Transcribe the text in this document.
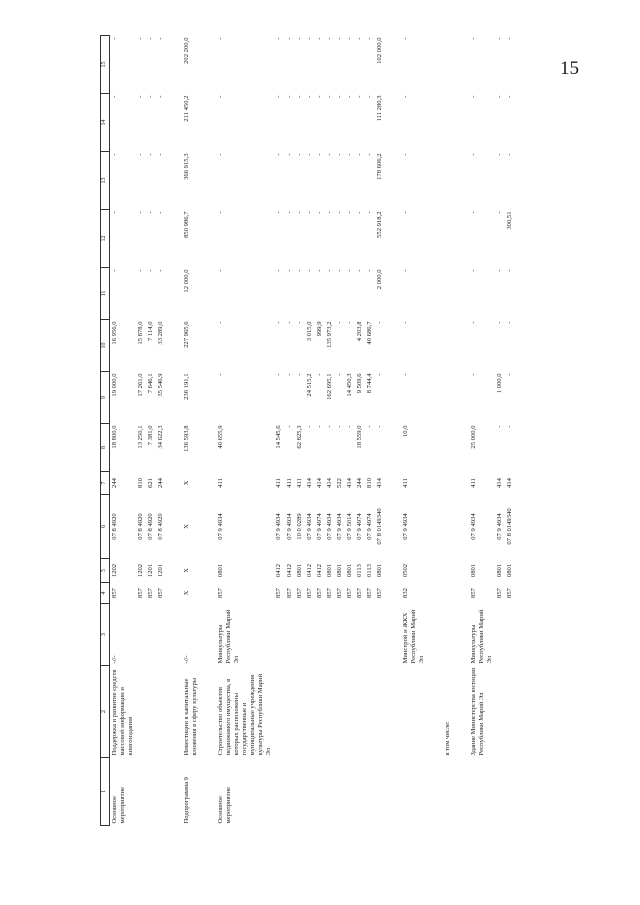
15
1	2	3	4	5	6	7	8	9	10	11	12	13	14	15
Основное мероприятие	Поддержка и развитие средств массовой информации и книгоиздания	-//-	857	1202	07 8 4920	244	18 800,0	19 000,0	16 956,0	-	-	-	-	-
			857	1202	07 8 4920	810	13 250,1	17 261,0	15 878,0	-	-	-	-	-
			857	1201	07 8 4920	621	7 381,0	7 646,1	7 114,0	-	-	-	-	-
			857	1201	07 8 4920	244	34 622,3	35 546,9	33 289,0	-	-	-	-	-

Подпрограмма 9	Инвестиции в капитальные вложения в сферу культуры	-//-	X	X	X	X	136 593,8	236 191,1	227 965,6	12 000,0	850 986,7	366 915,3	211 450,2	202 200,0

Основное мероприятие	Строительство объектов недвижимого имущества, в которых расположены государственные и муниципальные учреждения культуры Республики Марий Эл	Минкультуры Республики Марий Эл	857	0801	07 9 4934	411	40 655,9	-	-	-	-	-	-	-
			857	0412	07 9 4934	411	14 545,6	-	-	-	-	-	-	-
			857	0412	07 9 4934	411	-	-	-	-	-	-	-	-
			857	0801	10 0 0289	411	62 825,3	-	-	-	-	-	-	-
			857	0412	07 9 4934	414	-	24 515,2	3 015,0	-	-	-	-	-
			857	0412	07 9 4974	414	-	-	999,9	-	-	-	-	-
			857	0801	07 9 4934	414	-	162 695,1	135 973,2	-	-	-	-	-
			857	0801	07 9 4934	522	-	-	-	-	-	-	-	-
			857	0801	07 9 5014	414	-	14 450,3	-	-	-	-	-	-
			857	0113	07 9 4974	244	18 559,0	9 509,6	4 203,8	-	-	-	-	-
			857	0113	07 9 4974	810	-	8 744,4	40 686,7	-	-	-	-	-
			857	0801	07 8 0149340	414	-	-	-	2 000,0	552 918,2	178 606,2	111 280,3	102 000,0

		Минстрой и ЖКХ Республики Марий Эл	832	0502	07 9 4934	411	10,0	-	-	-	-	-	-	-

	в том числе:													

	Здание Министерства юстиции Республики Марий Эл	Минкультуры Республики Марий Эл	857	0801	07 9 4934	411	25 000,0	-	-	-	-	-	-	-
			857	0801	07 9 4934	414	-	1 000,0	-	-	-	-	-	-
			857	0801	07 8 0149340	414	-	-	-	-	300,51	-	-	-
